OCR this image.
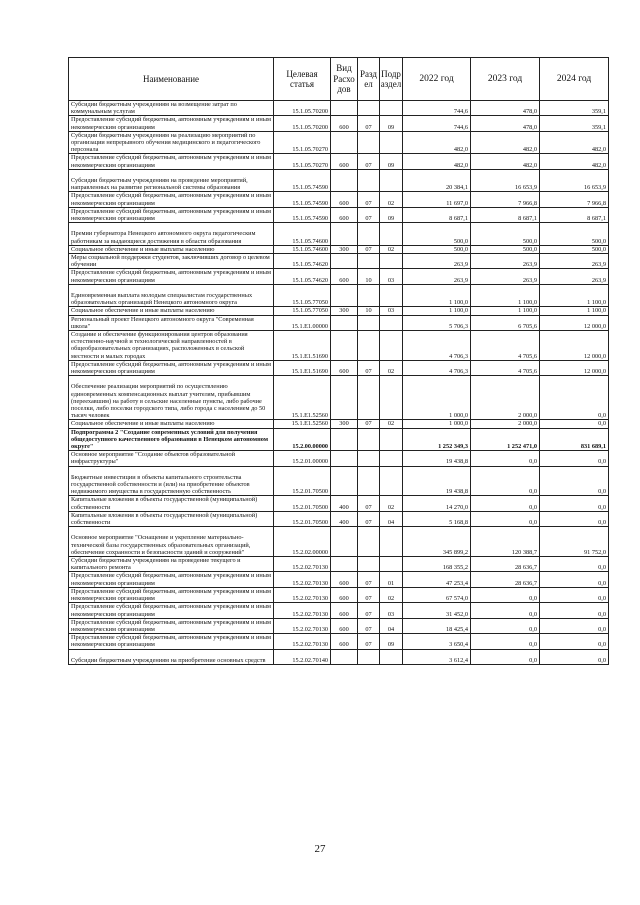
Наименование	Целевая статья	Вид Расхо дов	Разд ел	Подр аздел	2022 год	2023 год	2024 год
Субсидии бюджетным учреждениям на возмещение затрат по коммунальным услугам	15.1.05.70200				744,6	478,0	359,1
Предоставление субсидий бюджетным, автономным учреждениям и иным некоммерческим организациям	15.1.05.70200	600	07	09	744,6	478,0	359,1
Субсидии бюджетным учреждениям на реализацию мероприятий по организации непрерывного обучения медицинского и педагогического персонала	15.1.05.70270				482,0	482,0	482,0
Предоставление субсидий бюджетным, автономным учреждениям и иным некоммерческим организациям	15.1.05.70270	600	07	09	482,0	482,0	482,0
Субсидии бюджетным учреждениям на проведение мероприятий, направленных на развитие региональной системы образования	15.1.05.74590				20 384,1	16 653,9	16 653,9
Предоставление субсидий бюджетным, автономным учреждениям и иным некоммерческим организациям	15.1.05.74590	600	07	02	11 697,0	7 966,8	7 966,8
Предоставление субсидий бюджетным, автономным учреждениям и иным некоммерческим организациям	15.1.05.74590	600	07	09	8 687,1	8 687,1	8 687,1
Премии губернатора Ненецкого автономного округа педагогическим работникам за выдающиеся достижения в области образования	15.1.05.74600				500,0	500,0	500,0
Социальное обеспечение и иные выплаты населению	15.1.05.74600	300	07	02	500,0	500,0	500,0
Меры социальной поддержки студентов, заключивших договор о целевом обучении	15.1.05.74620				263,9	263,9	263,9
Предоставление субсидий бюджетным, автономным учреждениям и иным некоммерческим организациям	15.1.05.74620	600	10	03	263,9	263,9	263,9
Единовременная выплата молодым специалистам государственных образовательных организаций Ненецкого автономного округа	15.1.05.77050				1 100,0	1 100,0	1 100,0
Социальное обеспечение и иные выплаты населению	15.1.05.77050	300	10	03	1 100,0	1 100,0	1 100,0
Региональный проект Ненецкого автономного округа "Современная школа"	15.1.Е1.00000				5 706,3	6 705,6	12 000,0
Создание и обеспечение функционирования центров образования естественно-научной и технологической направленностей в общеобразовательных организациях, расположенных в сельской местности и малых городах	15.1.Е1.51690				4 706,3	4 705,6	12 000,0
Предоставление субсидий бюджетным, автономным учреждениям и иным некоммерческим организациям	15.1.Е1.51690	600	07	02	4 706,3	4 705,6	12 000,0
Обеспечение реализации мероприятий по осуществлению единовременных компенсационных выплат учителям, прибывшим (переехавшим) на работу в сельские населенные пункты, либо рабочие поселки, либо поселки городского типа, либо города с населением до 50 тысяч человек	15.1.Е1.52560				1 000,0	2 000,0	0,0
Социальное обеспечение и иные выплаты населению	15.1.Е1.52560	300	07	02	1 000,0	2 000,0	0,0
Подпрограмма 2 "Создание современных условий для получения общедоступного качественного образования в Ненецком автономном округе"	15.2.00.00000				1 252 349,3	1 252 471,0	831 689,1
Основное мероприятие "Создание объектов образовательной инфраструктуры"	15.2.01.00000				19 438,8	0,0	0,0
Бюджетные инвестиции в объекты капитального строительства государственной собственности и (или) на приобретение объектов недвижимого имущества в государственную собственность	15.2.01.70500				19 438,8	0,0	0,0
Капитальные вложения в объекты государственной (муниципальной) собственности	15.2.01.70500	400	07	02	14 270,0	0,0	0,0
Капитальные вложения в объекты государственной (муниципальной) собственности	15.2.01.70500	400	07	04	5 168,8	0,0	0,0
Основное мероприятие "Оснащение и укрепление материально-технической базы государственных образовательных организаций, обеспечение сохранности и безопасности зданий и сооружений"	15.2.02.00000				345 899,2	120 388,7	91 752,0
Субсидии бюджетным учреждениям на проведение текущего и капитального ремонта	15.2.02.70130				168 355,2	28 636,7	0,0
Предоставление субсидий бюджетным, автономным учреждениям и иным некоммерческим организациям	15.2.02.70130	600	07	01	47 253,4	28 636,7	0,0
Предоставление субсидий бюджетным, автономным учреждениям и иным некоммерческим организациям	15.2.02.70130	600	07	02	67 574,0	0,0	0,0
Предоставление субсидий бюджетным, автономным учреждениям и иным некоммерческим организациям	15.2.02.70130	600	07	03	31 452,0	0,0	0,0
Предоставление субсидий бюджетным, автономным учреждениям и иным некоммерческим организациям	15.2.02.70130	600	07	04	18 425,4	0,0	0,0
Предоставление субсидий бюджетным, автономным учреждениям и иным некоммерческим организациям	15.2.02.70130	600	07	09	3 650,4	0,0	0,0
Субсидии бюджетным учреждениям на приобретение основных средств	15.2.02.70140				3 612,4	0,0	0,0
27
